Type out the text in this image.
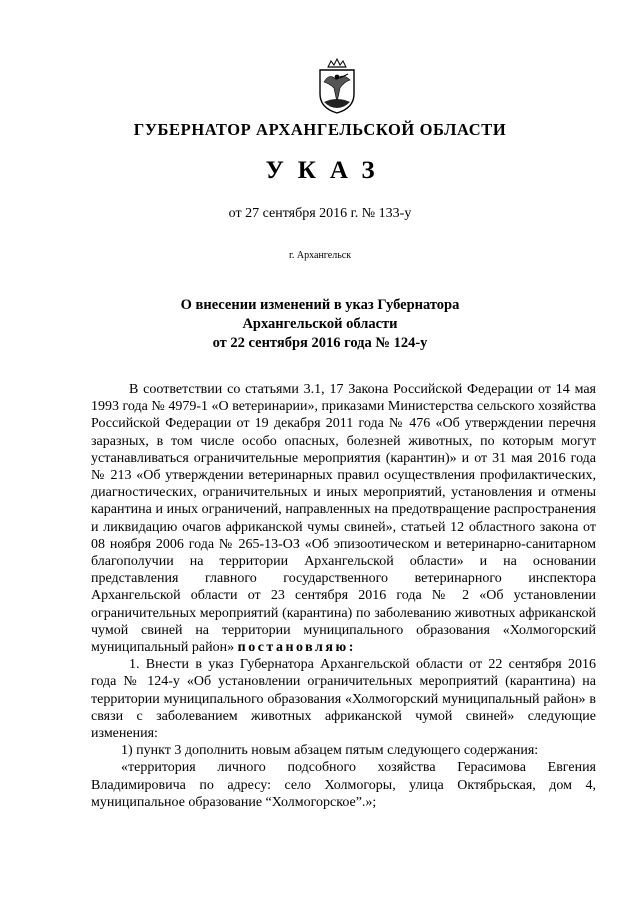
ГУБЕРНАТОР АРХАНГЕЛЬСКОЙ ОБЛАСТИ
УКАЗ
от 27 сентября 2016 г. № 133-у
г. Архангельск
О внесении изменений в указ Губернатора
Архангельской области
от 22 сентября 2016 года № 124-у

В соответствии со статьями 3.1, 17 Закона Российской Федерации от 14 мая 1993 года № 4979-1 «О ветеринарии», приказами Министерства сельского хозяйства Российской Федерации от 19 декабря 2011 года № 476 «Об утверждении перечня заразных, в том числе особо опасных, болезней животных, по которым могут устанавливаться ограничительные мероприятия (карантин)» и от 31 мая 2016 года № 213 «Об утверждении ветеринарных правил осуществления профилактических, диагностических, ограничительных и иных мероприятий, установления и отмены карантина и иных ограничений, направленных на предотвращение распространения и ликвидацию очагов африканской чумы свиней», статьей 12 областного закона от 08 ноября 2006 года № 265-13-ОЗ «Об эпизоотическом и ветеринарно-санитарном благополучии на территории Архангельской области» и на основании представления главного государственного ветеринарного инспектора Архангельской области от 23 сентября 2016 года № 2 «Об установлении ограничительных мероприятий (карантина) по заболеванию животных африканской чумой свиней на территории муниципального образования «Холмогорский муниципальный район» постановляю:

1. Внести в указ Губернатора Архангельской области от 22 сентября 2016 года № 124-у «Об установлении ограничительных мероприятий (карантина) на территории муниципального образования «Холмогорский муниципальный район» в связи с заболеванием животных африканской чумой свиней» следующие изменения:

1) пункт 3 дополнить новым абзацем пятым следующего содержания:

«территория личного подсобного хозяйства Герасимова Евгения Владимировича по адресу: село Холмогоры, улица Октябрьская, дом 4, муниципальное образование “Холмогорское”.»;
